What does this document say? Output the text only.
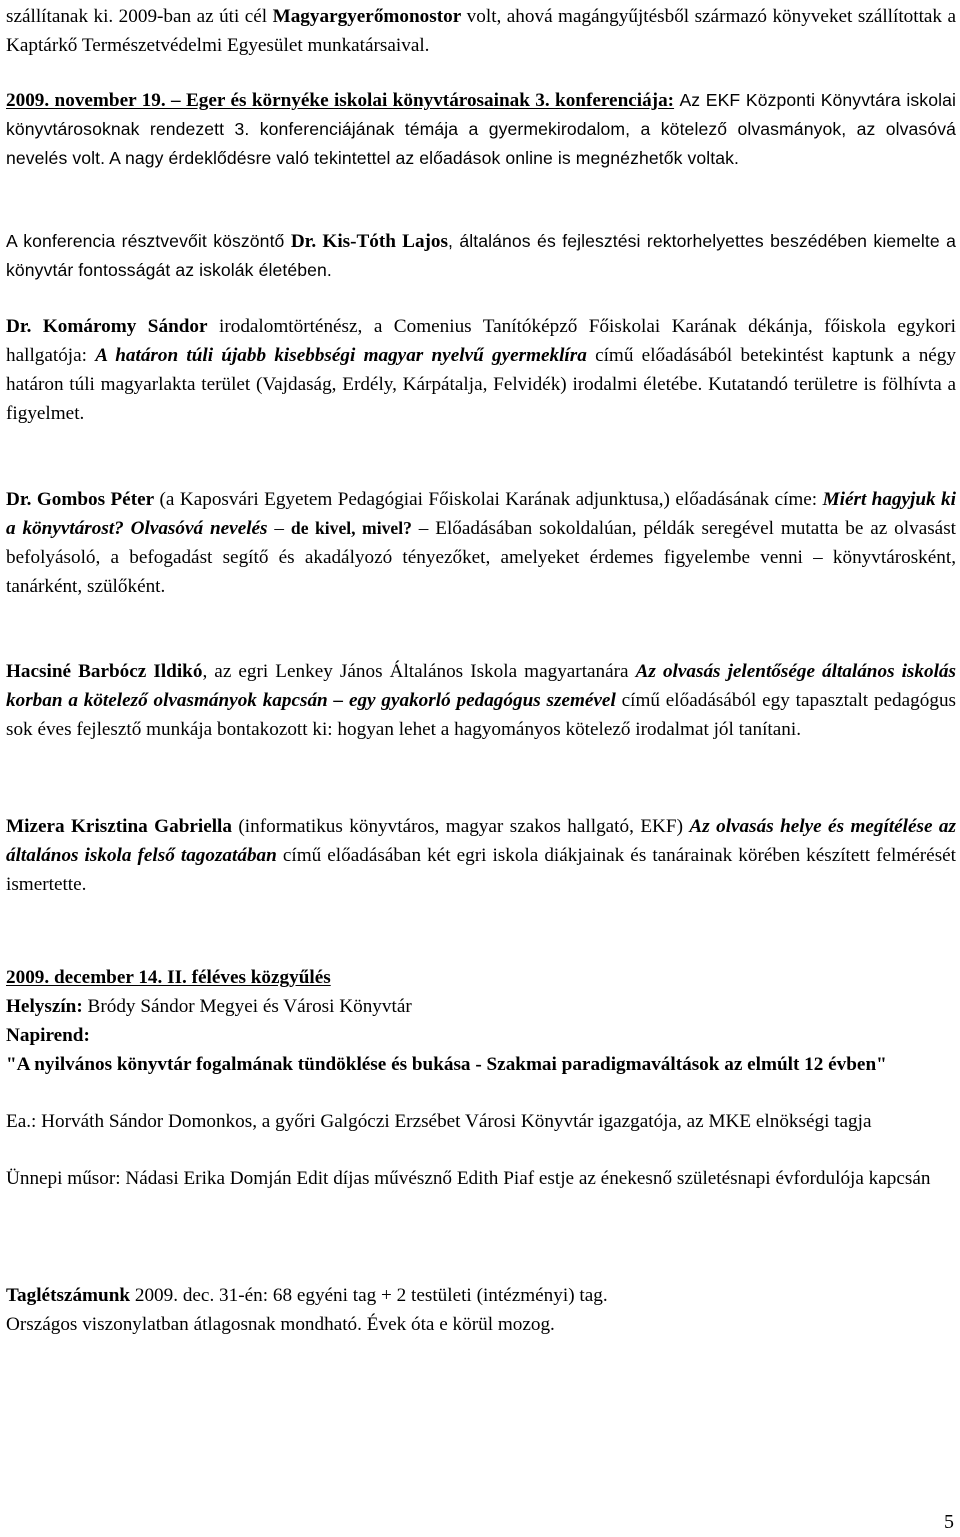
szállítanak ki. 2009-ban az úti cél Magyargyerőmonostor volt, ahová magángyűjtésből származó könyveket szállítottak a Kaptárkő Természetvédelmi Egyesület munkatársaival.

2009. november 19. – Eger és környéke iskolai könyvtárosainak 3. konferenciája: Az EKF Központi Könyvtára iskolai könyvtárosoknak rendezett 3. konferenciájának témája a gyermekirodalom, a kötelező olvasmányok, az olvasóvá nevelés volt. A nagy érdeklődésre való tekintettel az előadások online is megnézhetők voltak.

A konferencia résztvevőit köszöntő Dr. Kis-Tóth Lajos, általános és fejlesztési rektorhelyettes beszédében kiemelte a könyvtár fontosságát az iskolák életében.

Dr. Komáromy Sándor irodalomtörténész, a Comenius Tanítóképző Főiskolai Karának dékánja, főiskola egykori hallgatója: A határon túli újabb kisebbségi magyar nyelvű gyermeklíra című előadásából betekintést kaptunk a négy határon túli magyarlakta terület (Vajdaság, Erdély, Kárpátalja, Felvidék) irodalmi életébe. Kutatandó területre is fölhívta a figyelmet.

Dr. Gombos Péter (a Kaposvári Egyetem Pedagógiai Főiskolai Karának adjunktusa,) előadásának címe: Miért hagyjuk ki a könyvtárost? Olvasóvá nevelés – de kivel, mivel? – Előadásában sokoldalúan, példák seregével mutatta be az olvasást befolyásoló, a befogadást segítő és akadályozó tényezőket, amelyeket érdemes figyelembe venni – könyvtárosként, tanárként, szülőként.

Hacsiné Barbócz Ildikó, az egri Lenkey János Általános Iskola magyartanára Az olvasás jelentősége általános iskolás korban a kötelező olvasmányok kapcsán – egy gyakorló pedagógus szemével című előadásából egy tapasztalt pedagógus sok éves fejlesztő munkája bontakozott ki: hogyan lehet a hagyományos kötelező irodalmat jól tanítani.

Mizera Krisztina Gabriella (informatikus könyvtáros, magyar szakos hallgató, EKF) Az olvasás helye és megítélése az általános iskola felső tagozatában című előadásában két egri iskola diákjainak és tanárainak körében készített felmérését ismertette.

2009. december 14. II. féléves közgyűlés

Helyszín: Bródy Sándor Megyei és Városi Könyvtár

Napirend:

"A nyilvános könyvtár fogalmának tündöklése és bukása - Szakmai paradigmaváltások az elmúlt 12 évben"

Ea.: Horváth Sándor Domonkos, a győri Galgóczi Erzsébet Városi Könyvtár igazgatója, az MKE elnökségi tagja

Ünnepi műsor: Nádasi Erika Domján Edit díjas művésznő Edith Piaf estje az énekesnő születésnapi évfordulója kapcsán

Taglétszámunk 2009. dec. 31-én: 68 egyéni tag + 2 testületi (intézményi) tag.
Országos viszonylatban átlagosnak mondható. Évek óta e körül mozog.

5
